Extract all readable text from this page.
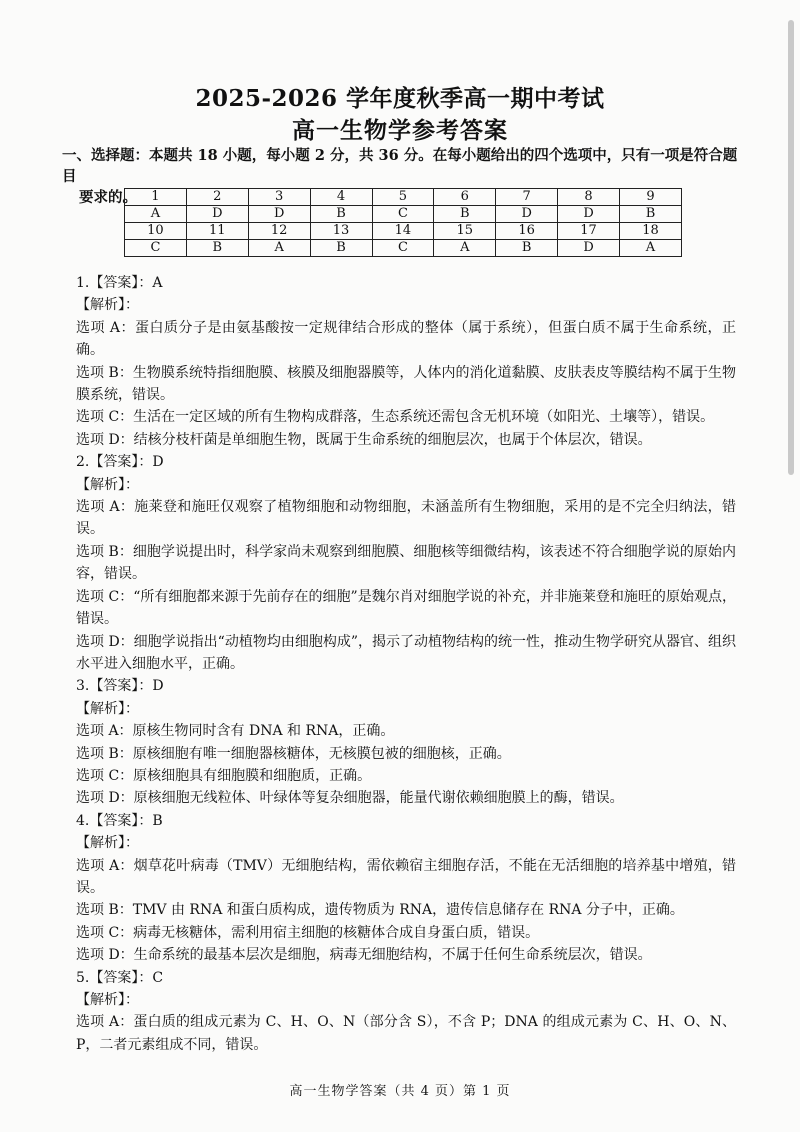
2025-2026 学年度秋季高一期中考试
高一生物学参考答案
一、选择题：本题共 18 小题，每小题 2 分，共 36 分。在每小题给出的四个选项中，只有一项是符合题目
要求的。	1	2	3	4	5	6	7	8	9
A	D	D	B	C	B	D	D	B
10	11	12	13	14	15	16	17	18
C	B	A	B	C	A	B	D	A

1.【答案】：A

【解析】：

选项 A：蛋白质分子是由氨基酸按一定规律结合形成的整体（属于系统），但蛋白质不属于生命系统，正确。

选项 B：生物膜系统特指细胞膜、核膜及细胞器膜等，人体内的消化道黏膜、皮肤表皮等膜结构不属于生物膜系统，错误。

选项 C：生活在一定区域的所有生物构成群落，生态系统还需包含无机环境（如阳光、土壤等），错误。

选项 D：结核分枝杆菌是单细胞生物，既属于生命系统的细胞层次，也属于个体层次，错误。

2.【答案】：D

【解析】：

选项 A：施莱登和施旺仅观察了植物细胞和动物细胞，未涵盖所有生物细胞，采用的是不完全归纳法，错误。

选项 B：细胞学说提出时，科学家尚未观察到细胞膜、细胞核等细微结构，该表述不符合细胞学说的原始内容，错误。

选项 C：“所有细胞都来源于先前存在的细胞”是魏尔肖对细胞学说的补充，并非施莱登和施旺的原始观点，错误。

选项 D：细胞学说指出“动植物均由细胞构成”，揭示了动植物结构的统一性，推动生物学研究从器官、组织水平进入细胞水平，正确。

3.【答案】：D

【解析】：

选项 A：原核生物同时含有 DNA 和 RNA，正确。

选项 B：原核细胞有唯一细胞器核糖体，无核膜包被的细胞核，正确。

选项 C：原核细胞具有细胞膜和细胞质，正确。

选项 D：原核细胞无线粒体、叶绿体等复杂细胞器，能量代谢依赖细胞膜上的酶，错误。

4.【答案】：B

【解析】：

选项 A：烟草花叶病毒（TMV）无细胞结构，需依赖宿主细胞存活，不能在无活细胞的培养基中增殖，错误。

选项 B：TMV 由 RNA 和蛋白质构成，遗传物质为 RNA，遗传信息储存在 RNA 分子中，正确。

选项 C：病毒无核糖体，需利用宿主细胞的核糖体合成自身蛋白质，错误。

选项 D：生命系统的最基本层次是细胞，病毒无细胞结构，不属于任何生命系统层次，错误。

5.【答案】：C

【解析】：

选项 A：蛋白质的组成元素为 C、H、O、N（部分含 S），不含 P；DNA 的组成元素为 C、H、O、N、P，二者元素组成不同，错误。

高一生物学答案（共 4 页）第 1 页
